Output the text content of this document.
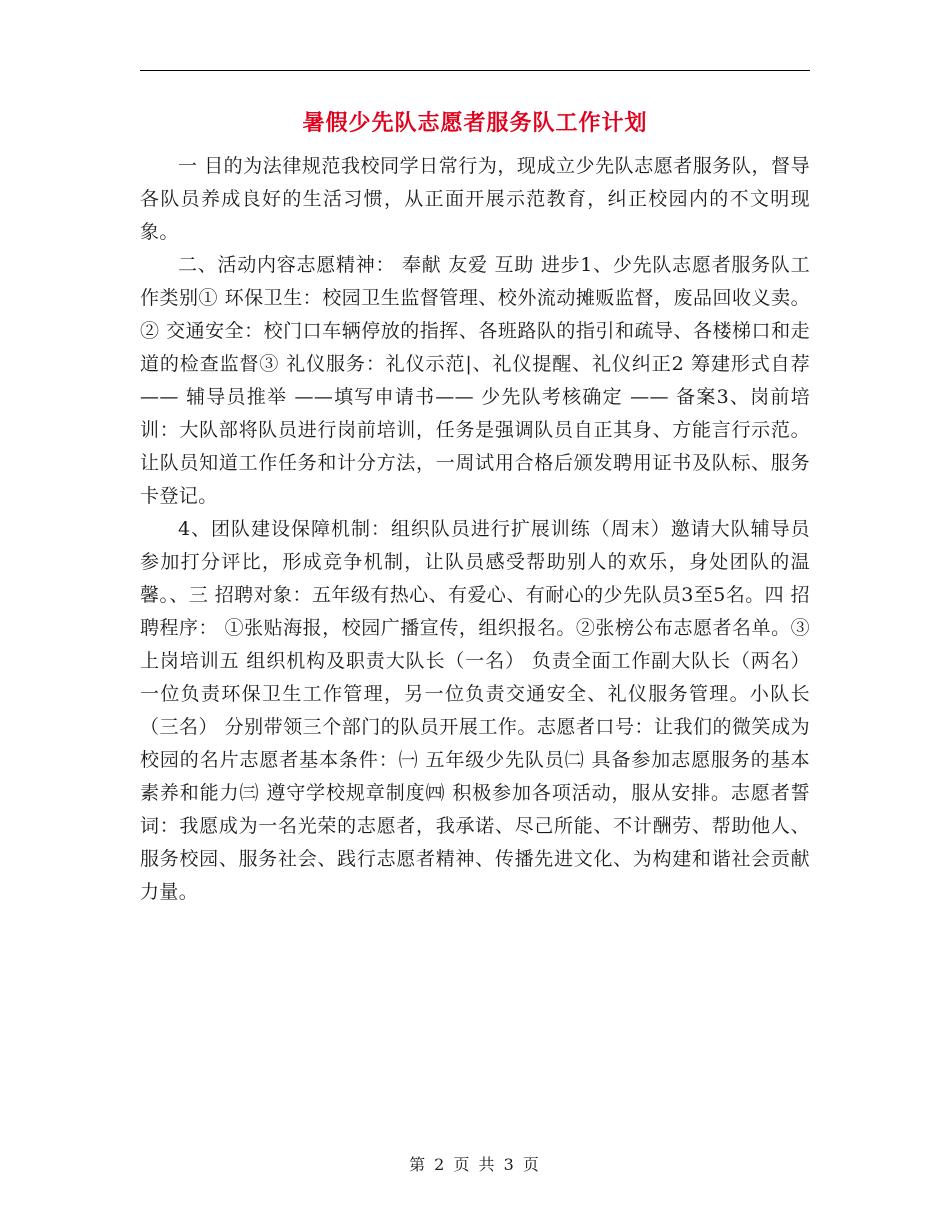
暑假少先队志愿者服务队工作计划

一 目的为法律规范我校同学日常行为，现成立少先队志愿者服务队，督导各队员养成良好的生活习惯，从正面开展示范教育，纠正校园内的不文明现象。

二、活动内容志愿精神： 奉献 友爱 互助 进步1、少先队志愿者服务队工作类别① 环保卫生：校园卫生监督管理、校外流动摊贩监督，废品回收义卖。② 交通安全：校门口车辆停放的指挥、各班路队的指引和疏导、各楼梯口和走道的检查监督③ 礼仪服务：礼仪示范|、礼仪提醒、礼仪纠正2 筹建形式自荐 —— 辅导员推举 ——填写申请书—— 少先队考核确定 —— 备案3、岗前培训：大队部将队员进行岗前培训，任务是强调队员自正其身、方能言行示范。让队员知道工作任务和计分方法，一周试用合格后颁发聘用证书及队标、服务卡登记。

4、团队建设保障机制：组织队员进行扩展训练（周末）邀请大队辅导员参加打分评比，形成竞争机制，让队员感受帮助别人的欢乐，身处团队的温馨。、三 招聘对象：五年级有热心、有爱心、有耐心的少先队员3至5名。四 招聘程序： ①张贴海报，校园广播宣传，组织报名。②张榜公布志愿者名单。③上岗培训五 组织机构及职责大队长（一名） 负责全面工作副大队长（两名） 一位负责环保卫生工作管理，另一位负责交通安全、礼仪服务管理。小队长（三名） 分别带领三个部门的队员开展工作。志愿者口号：让我们的微笑成为校园的名片志愿者基本条件：㈠ 五年级少先队员㈡ 具备参加志愿服务的基本素养和能力㈢ 遵守学校规章制度㈣ 积极参加各项活动，服从安排。志愿者誓词：我愿成为一名光荣的志愿者，我承诺、尽己所能、不计酬劳、帮助他人、服务校园、服务社会、践行志愿者精神、传播先进文化、为构建和谐社会贡献力量。

第 2 页 共 3 页
